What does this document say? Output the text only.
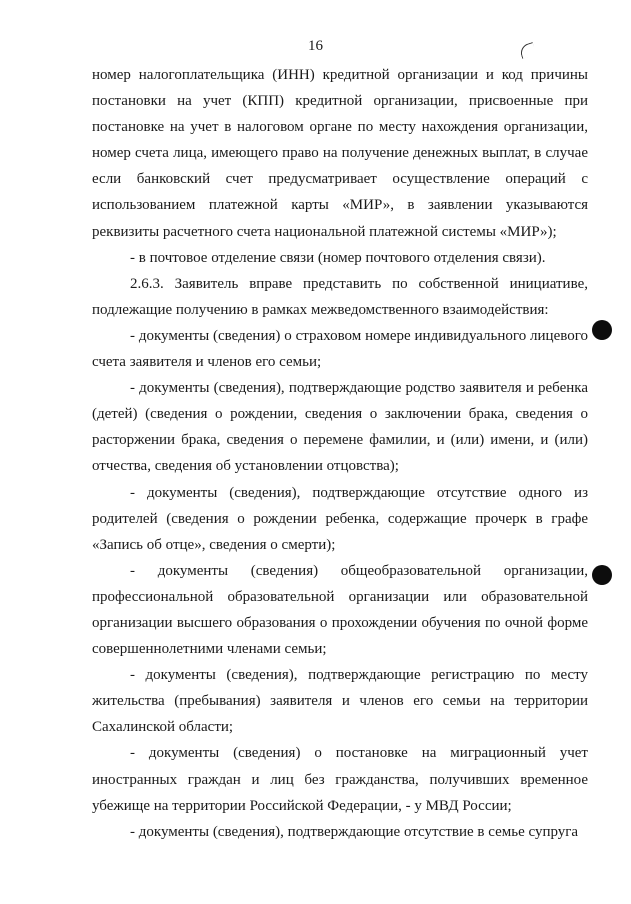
16

номер налогоплательщика (ИНН) кредитной организации и код причины постановки на учет (КПП) кредитной организации, присвоенные при постановке на учет в налоговом органе по месту нахождения организации, номер счета лица, имеющего право на получение денежных выплат, в случае если банковский счет предусматривает осуществление операций с использованием платежной карты «МИР», в заявлении указываются реквизиты расчетного счета национальной платежной системы «МИР»);

- в почтовое отделение связи (номер почтового отделения связи).

2.6.3. Заявитель вправе представить по собственной инициативе, подлежащие получению в рамках межведомственного взаимодействия:

- документы (сведения) о страховом номере индивидуального лицевого счета заявителя и членов его семьи;

- документы (сведения), подтверждающие родство заявителя и ребенка (детей) (сведения о рождении, сведения о заключении брака, сведения о расторжении брака, сведения о перемене фамилии, и (или) имени, и (или) отчества, сведения об установлении отцовства);

- документы (сведения), подтверждающие отсутствие одного из родителей (сведения о рождении ребенка, содержащие прочерк в графе «Запись об отце», сведения о смерти);

- документы (сведения) общеобразовательной организации, профессиональной образовательной организации или образовательной организации высшего образования о прохождении обучения по очной форме совершеннолетними членами семьи;

- документы (сведения), подтверждающие регистрацию по месту жительства (пребывания) заявителя и членов его семьи на территории Сахалинской области;

- документы (сведения) о постановке на миграционный учет иностранных граждан и лиц без гражданства, получивших временное убежище на территории Российской Федерации, - у МВД России;

- документы (сведения), подтверждающие отсутствие в семье супруга
